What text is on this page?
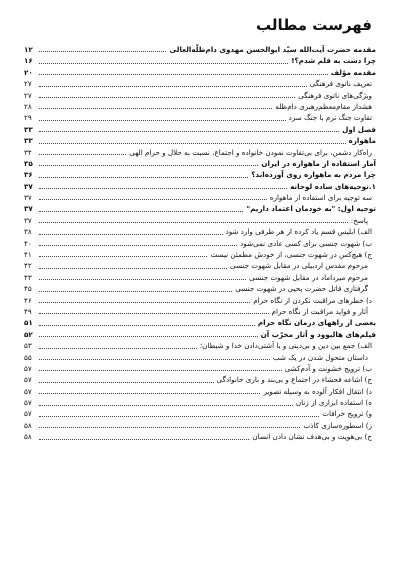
فهرست مطالب
مقدمه حضرت آیت‌الله سیّد ابوالحسن مهدوی دام‌ظلّه‌العالی
۱۲
چرا دست به قلم شدم؟!
۱۶
مقدمه مؤلف
۲۰
تعریف ناتوی فرهنگی
۲۷
ویژگی‌های ناتوی فرهنگی
۲۷
هشدار مقام‌معظم‌رهبری دام‌ظله
۲۸
تفاوت جنگ نرم با جنگ سرد
۲۹
فصل اول
۳۳
ماهواره
۳۳
راه‌کار دشمن، برای بی‌تفاوت نمودن خانواده و اجتماع، نسبت به حلال و حرام الهی
۳۴
آمار استفاده از ماهواره در ایران
۳۵
چرا مردم به ماهواره روی آورده‌اند؟
۳۶
۱.توجیه‌های ساده لوحانه
۳۷
سه توجیه برای استفاده از ماهواره
۳۷
توجیه اول: "به خودمان اعتماد داریم"
۳۷
پاسخ:
۳۷
الف) ابلیس قسم یاد کرده از هر طرفی وارد شود
۳۸
ب) شهوت جنسی برای کسی عادی نمی‌شود
۴۰
ج) هیچ‌کس در شهوت جنسی، از خودش مطمئن نیست
۴۱
مرحوم مقدس اردبیلی در مقابل شهوت جنسی
۴۲
مرحوم میرداماد در مقابل شهوت جنسی
۴۳
گرفتاری قاتل حضرت یحیی در شهوت جنسی
۴۵
د) خطرهای مراقبت نکردن از نگاه حرام
۴۶
آثار و فواید مراقبت از نگاه حرام
۴۹
بعضی از راههای درمان نگاه حرام
۵۱
فیلم‌های هالیوود و آثار مخرّب آن
۵۲
الف) جمع بین دین و بی‌دینی و یا آشتی‌دادن خدا و شیطان؛
۵۳
داستان متحول شدن در یک شب
۵۵
ب) ترویج خشونت و آدم‌کشی
۵۷
ج) اشاعه فحشاء در اجتماع و بی‌بند و باری خانوادگی
۵۷
د) انتقال افکار آلوده به وسیله تصویر
۵۷
ه) استفاده ابزاری از زنان
۵۷
و) ترویج خرافات
۵۷
ز) اسطوره‌سازی کاذب
۵۸
ح) بی‌هویت و بی‌هدف نشان دادن انسان
۵۸
